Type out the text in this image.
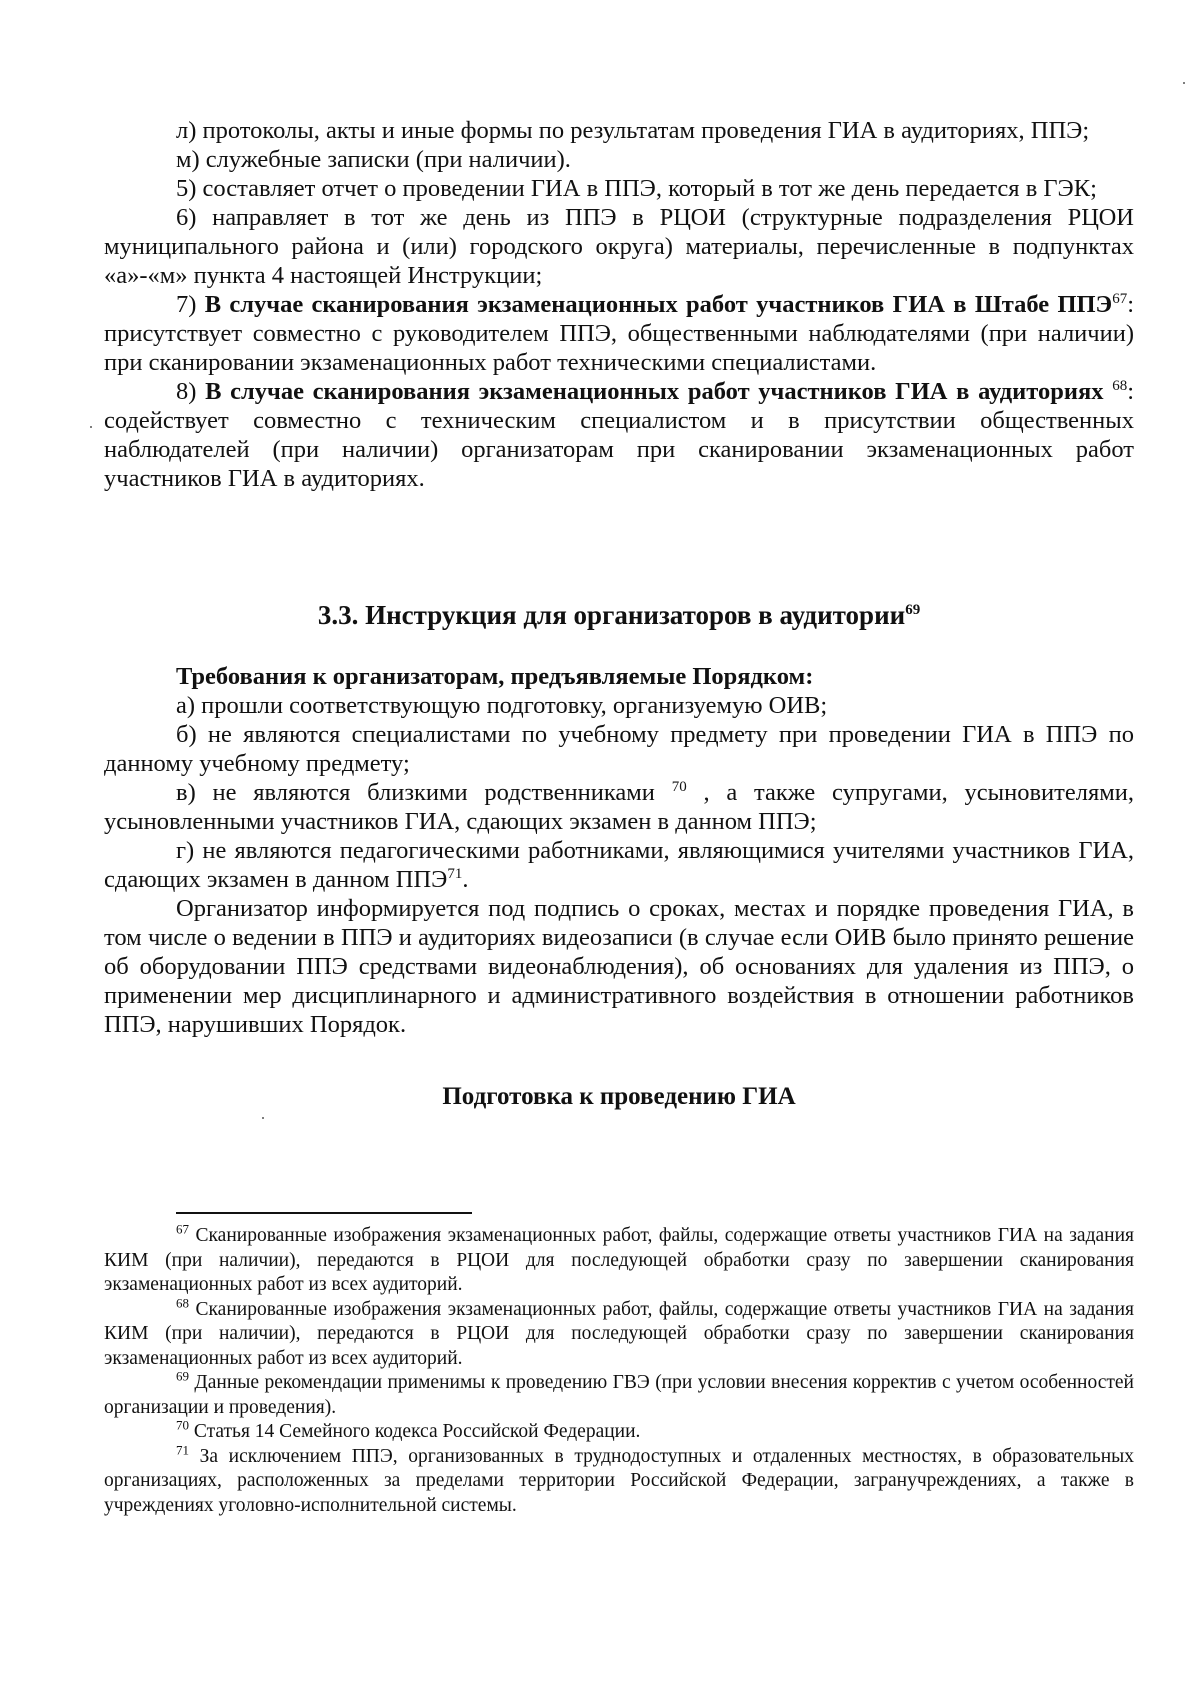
л) протоколы, акты и иные формы по результатам проведения ГИА в аудиториях, ППЭ;

м) служебные записки (при наличии).

5) составляет отчет о проведении ГИА в ППЭ, который в тот же день передается в ГЭК;

6) направляет в тот же день из ППЭ в РЦОИ (структурные подразделения РЦОИ муниципального района и (или) городского округа) материалы, перечисленные в подпунктах «а»-«м» пункта 4 настоящей Инструкции;

7) В случае сканирования экзаменационных работ участников ГИА в Штабе ППЭ$^{67}$: присутствует совместно с руководителем ППЭ, общественными наблюдателями (при наличии) при сканировании экзаменационных работ техническими специалистами.

8) В случае сканирования экзаменационных работ участников ГИА в аудиториях $^{68}$: содействует совместно с техническим специалистом и в присутствии общественных наблюдателей (при наличии) организаторам при сканировании экзаменационных работ участников ГИА в аудиториях.

3.3. Инструкция для организаторов в аудитории$^{69}$

Требования к организаторам, предъявляемые Порядком:

а) прошли соответствующую подготовку, организуемую ОИВ;

б) не являются специалистами по учебному предмету при проведении ГИА в ППЭ по данному учебному предмету;

в) не являются близкими родственниками $^{70}$ , а также супругами, усыновителями, усыновленными участников ГИА, сдающих экзамен в данном ППЭ;

г) не являются педагогическими работниками, являющимися учителями участников ГИА, сдающих экзамен в данном ППЭ$^{71}$.

Организатор информируется под подпись о сроках, местах и порядке проведения ГИА, в том числе о ведении в ППЭ и аудиториях видеозаписи (в случае если ОИВ было принято решение об оборудовании ППЭ средствами видеонаблюдения), об основаниях для удаления из ППЭ, о применении мер дисциплинарного и административного воздействия в отношении работников ППЭ, нарушивших Порядок.

Подготовка к проведению ГИА

$^{67}$ Сканированные изображения экзаменационных работ, файлы, содержащие ответы участников ГИА на задания КИМ (при наличии), передаются в РЦОИ для последующей обработки сразу по завершении сканирования экзаменационных работ из всех аудиторий.

$^{68}$ Сканированные изображения экзаменационных работ, файлы, содержащие ответы участников ГИА на задания КИМ (при наличии), передаются в РЦОИ для последующей обработки сразу по завершении сканирования экзаменационных работ из всех аудиторий.

$^{69}$ Данные рекомендации применимы к проведению ГВЭ (при условии внесения корректив с учетом особенностей организации и проведения).

$^{70}$ Статья 14 Семейного кодекса Российской Федерации.

$^{71}$ За исключением ППЭ, организованных в труднодоступных и отдаленных местностях, в образовательных организациях, расположенных за пределами территории Российской Федерации, загранучреждениях, а также в учреждениях уголовно-исполнительной системы.
